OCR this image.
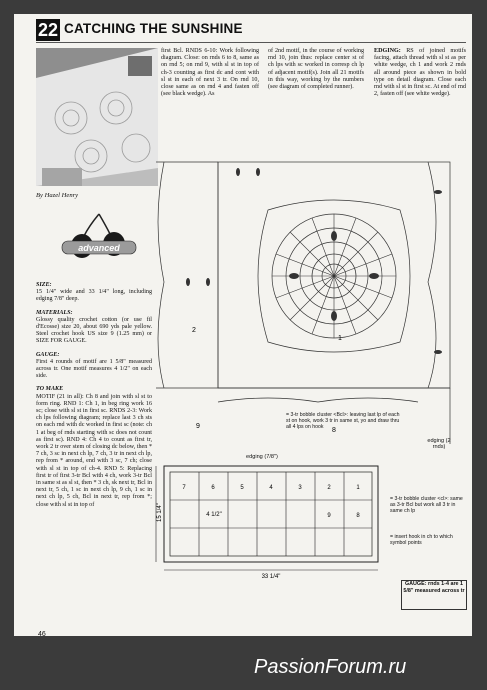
22 CATCHING THE SUNSHINE
By Hazel Henry
advanced
SIZE:
15 1/4" wide and 33 1/4" long, including edging 7/8" deep.
MATERIALS:
Glossy quality crochet cotton (or use fil d'Ecosse) size 20, about 690 yds pale yellow. Steel crochet hook US size 9 (1.25 mm) or SIZE FOR GAUGE.
GAUGE:
First 4 rounds of motif are 1 5/8" measured across tr. One motif measures 4 1/2" on each side.
TO MAKE
MOTIF (21 in all): Ch 8 and join with sl st to form ring. RND 1: Ch 1, in beg ring work 16 sc; close with sl st in first sc. RNDS 2-3: Work ch lps following diagram; replace last 3 ch sts on each rnd with dc worked in first sc (note: ch 1 at beg of rnds starting with sc does not count as first sc). RND 4: Ch 4 to count as first tr, work 2 tr over stem of closing dc below, then * 7 ch, 3 sc in next ch lp, 7 ch, 3 tr in next ch lp, rep from * around, end with 3 sc, 7 ch; close with sl st in top of ch-4. RND 5: Replacing first tr of first 3-tr Bcl with 4 ch, work 3-tr Bcl in same st as sl st, then * 3 ch, sk next tr, Bcl in next tr, 5 ch, 1 sc in next ch lp, 9 ch, 1 sc in next ch lp, 5 ch, Bcl in next tr, rep from *; close with sl st in top of
first Bcl. RNDS 6-10: Work following diagram. Close: on rnds 6 to 8, same as on rnd 5; on rnd 9, with sl st in top of ch-3 counting as first dc and cont with sl st in each of next 3 tr. On rnd 10, close same as on rnd 4 and fasten off (see black wedge). As
of 2nd motif, in the course of working rnd 10, join thus: replace center st of ch lps with sc worked in corresp ch lp of adjacent motif(s). Join all 21 motifs in this way, working by the numbers (see diagram of completed runner).
EDGING: RS of joined motifs facing, attach thread with sl st as per white wedge, ch 1 and work 2 rnds all around piece as shown in bold type on detail diagram. Close each rnd with sl st in first sc. At end of rnd 2, fasten off (see white wedge).
1
2
8
9
edging (2 rnds)
= 3-tr bobble cluster <Bcl>: leaving last lp of each st on hook, work 3 tr in same st, yo and draw thru all 4 lps on hook
= 3-tr bobble cluster <cl>: same as 3-tr Bcl but work all 3 tr in same ch lp
= insert hook in ch to which symbol points
edging (7/8")
7	6	5	4	3	2	1
9	8
4 1/2"
33 1/4"
15 1/4"
GAUGE: rnds 1-4 are 1 5/8" measured across tr
46
PassionForum.ru
